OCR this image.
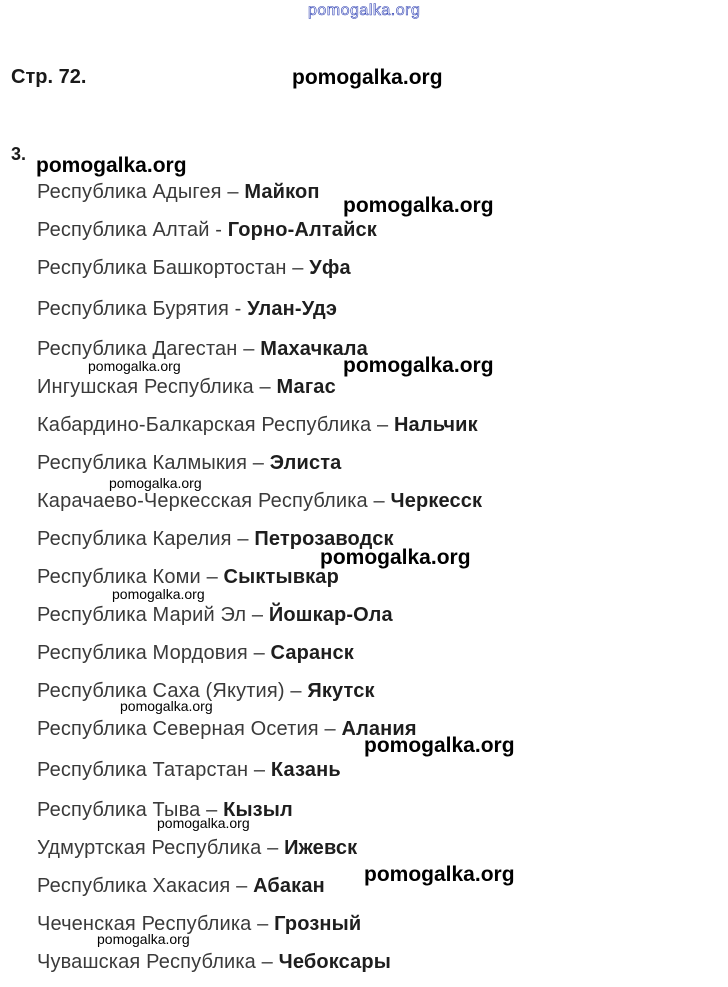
pomogalka.org
Стр. 72.
3.
pomogalka.org
pomogalka.org
pomogalka.org
pomogalka.org
pomogalka.org
pomogalka.org
pomogalka.org
pomogalka.org
pomogalka.org
pomogalka.org
pomogalka.org
pomogalka.org
pomogalka.org
Республика Адыгея – Майкоп
Республика Алтай - Горно-Алтайск
Республика Башкортостан – Уфа
Республика Бурятия - Улан-Удэ
Республика Дагестан – Махачкала
Ингушская Республика – Магас
Кабардино-Балкарская Республика – Нальчик
Республика Калмыкия – Элиста
Карачаево-Черкесская Республика – Черкесск
Республика Карелия – Петрозаводск
Республика Коми – Сыктывкар
Республика Марий Эл – Йошкар-Ола
Республика Мордовия – Саранск
Республика Саха (Якутия) – Якутск
Республика Северная Осетия – Алания
Республика Татарстан – Казань
Республика Тыва – Кызыл
Удмуртская Республика – Ижевск
Республика Хакасия – Абакан
Чеченская Республика – Грозный
Чувашская Республика – Чебоксары
